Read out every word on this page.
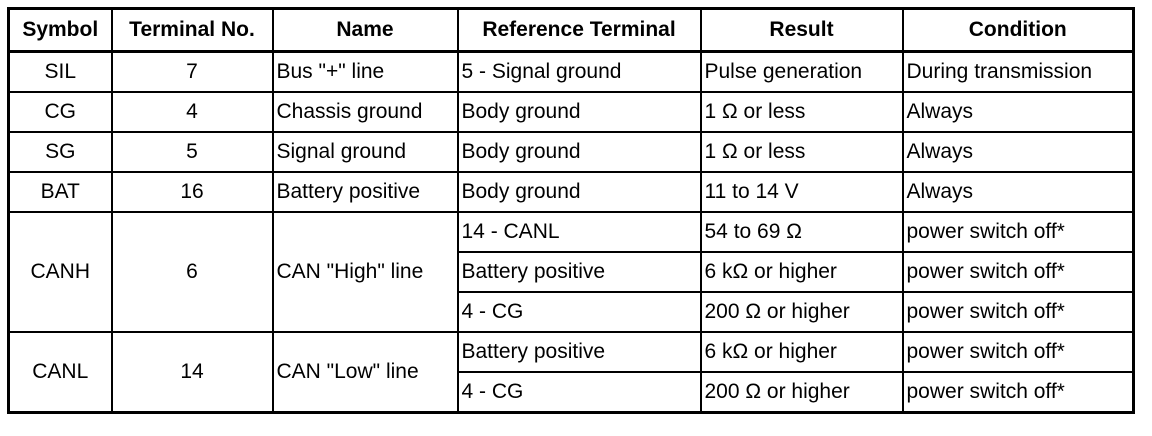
Symbol	Terminal No.	Name	Reference Terminal	Result	Condition
SIL	7	Bus "+" line	5 - Signal ground	Pulse generation	During transmission
CG	4	Chassis ground	Body ground	1 Ω or less	Always
SG	5	Signal ground	Body ground	1 Ω or less	Always
BAT	16	Battery positive	Body ground	11 to 14 V	Always
CANH	6	CAN "High" line	14 - CANL	54 to 69 Ω	power switch off*
			Battery positive	6 kΩ or higher	power switch off*
			4 - CG	200 Ω or higher	power switch off*
CANL	14	CAN "Low" line	Battery positive	6 kΩ or higher	power switch off*
			4 - CG	200 Ω or higher	power switch off*
